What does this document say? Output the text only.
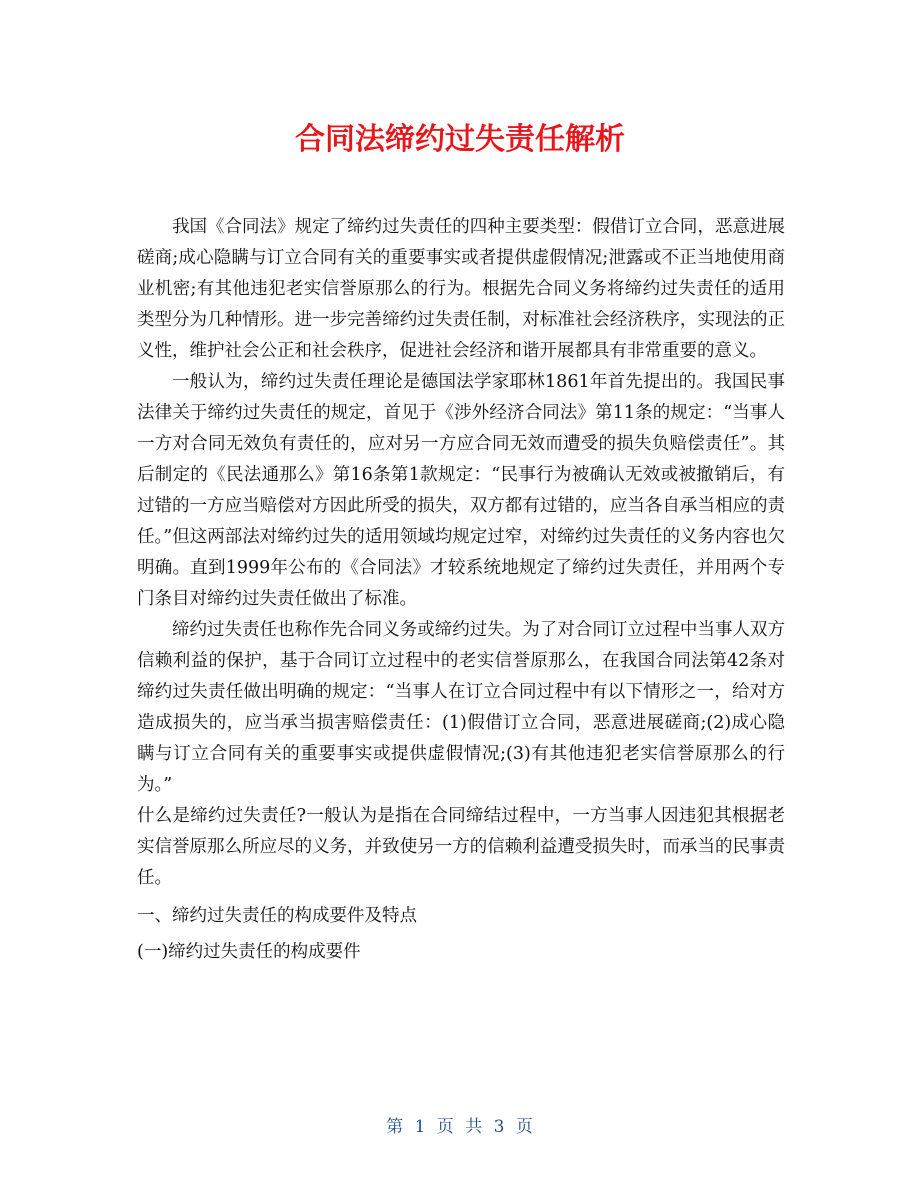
合同法缔约过失责任解析

我国《合同法》规定了缔约过失责任的四种主要类型：假借订立合同，恶意进展磋商;成心隐瞒与订立合同有关的重要事实或者提供虚假情况;泄露或不正当地使用商业机密;有其他违犯老实信誉原那么的行为。根据先合同义务将缔约过失责任的适用类型分为几种情形。进一步完善缔约过失责任制，对标准社会经济秩序，实现法的正义性，维护社会公正和社会秩序，促进社会经济和谐开展都具有非常重要的意义。

一般认为，缔约过失责任理论是德国法学家耶林1861年首先提出的。我国民事法律关于缔约过失责任的规定，首见于《涉外经济合同法》第11条的规定：“当事人一方对合同无效负有责任的，应对另一方应合同无效而遭受的损失负赔偿责任”。其后制定的《民法通那么》第16条第1款规定：“民事行为被确认无效或被撤销后，有过错的一方应当赔偿对方因此所受的损失，双方都有过错的，应当各自承当相应的责任。”但这两部法对缔约过失的适用领域均规定过窄，对缔约过失责任的义务内容也欠明确。直到1999年公布的《合同法》才较系统地规定了缔约过失责任，并用两个专门条目对缔约过失责任做出了标准。

缔约过失责任也称作先合同义务或缔约过失。为了对合同订立过程中当事人双方信赖利益的保护，基于合同订立过程中的老实信誉原那么，在我国合同法第42条对缔约过失责任做出明确的规定：“当事人在订立合同过程中有以下情形之一，给对方造成损失的，应当承当损害赔偿责任：(1)假借订立合同，恶意进展磋商;(2)成心隐瞒与订立合同有关的重要事实或提供虚假情况;(3)有其他违犯老实信誉原那么的行为。”

什么是缔约过失责任?一般认为是指在合同缔结过程中，一方当事人因违犯其根据老实信誉原那么所应尽的义务，并致使另一方的信赖利益遭受损失时，而承当的民事责任。

一、缔约过失责任的构成要件及特点

(一)缔约过失责任的构成要件

第 1 页 共 3 页
